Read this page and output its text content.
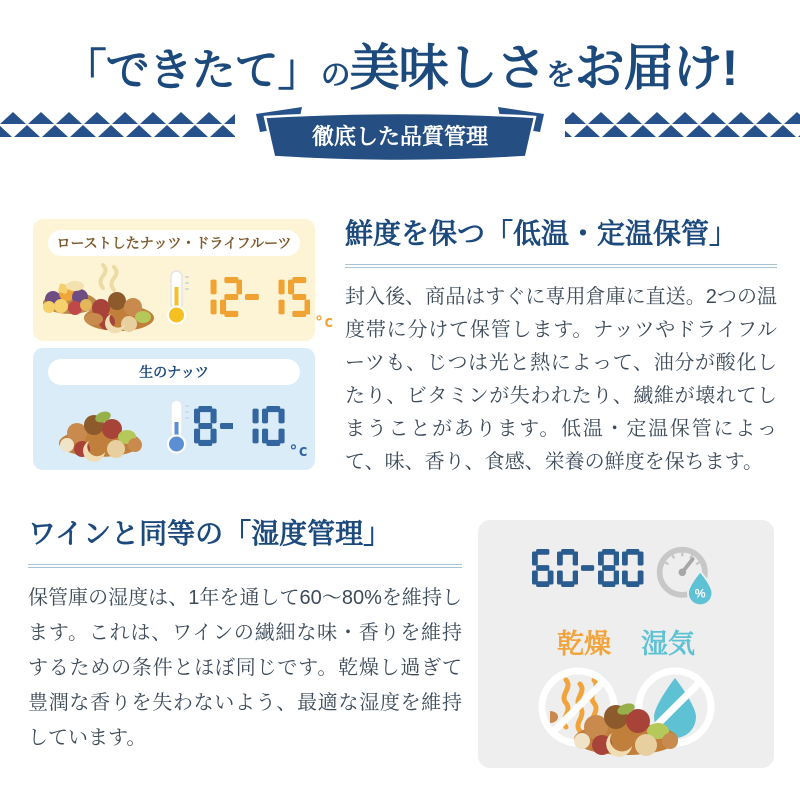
「できたて」の美味しさをお届け!
徹底した品質管理
ローストしたナッツ・ドライフルーツ
°c
生のナッツ
°c
鮮度を保つ「低温・定温保管」

封入後、商品はすぐに専用倉庫に直送。2つの温度帯に分けて保管します。ナッツやドライフルーツも、じつは光と熱によって、油分が酸化したり、ビタミンが失われたり、繊維が壊れてしまうことがあります。低温・定温保管によって、味、香り、食感、栄養の鮮度を保ちます。

ワインと同等の「湿度管理」

保管庫の湿度は、1年を通して60〜80%を維持します。これは、ワインの繊細な味・香りを維持するための条件とほぼ同じです。乾燥し過ぎて豊潤な香りを失わないよう、最適な湿度を維持しています。

%
乾燥 湿気
